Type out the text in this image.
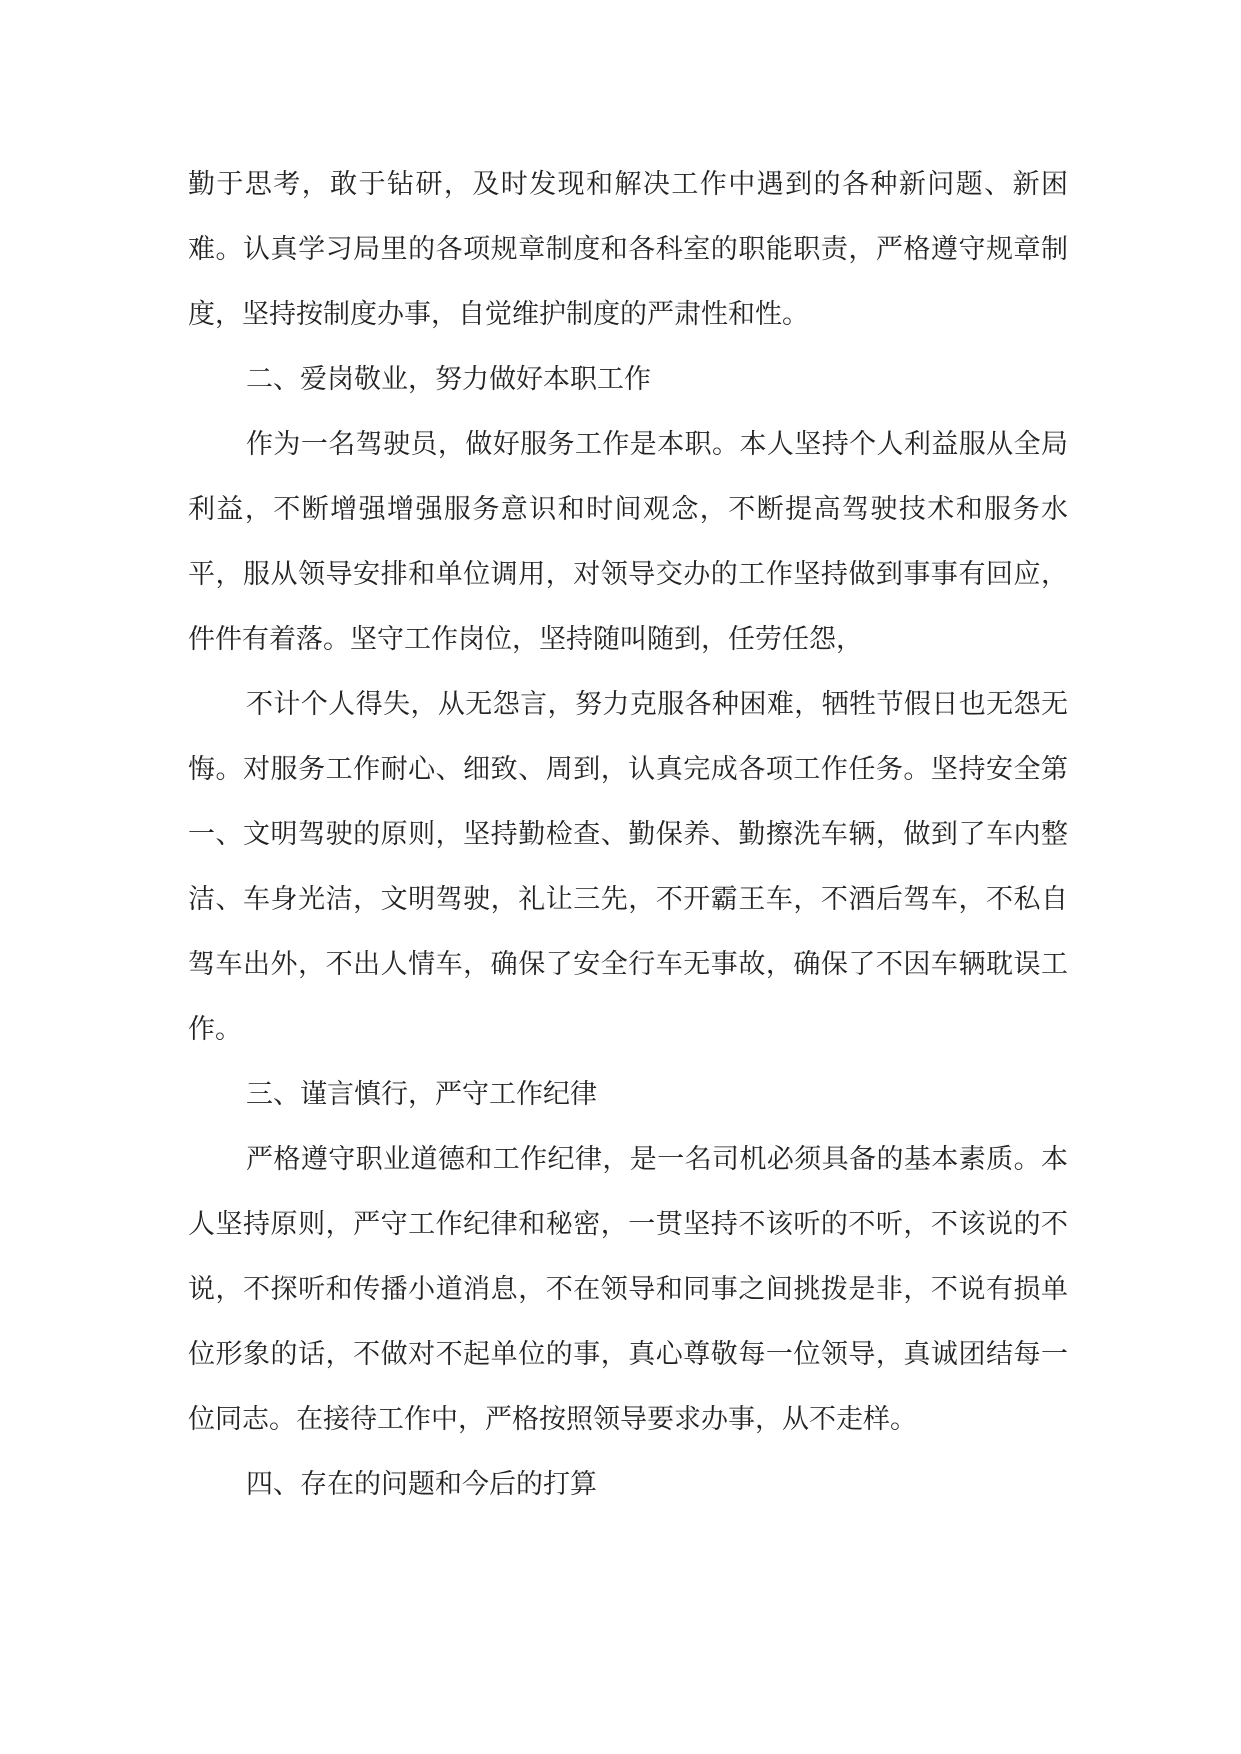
勤于思考，敢于钻研，及时发现和解决工作中遇到的各种新问题、新困难。认真学习局里的各项规章制度和各科室的职能职责，严格遵守规章制度，坚持按制度办事，自觉维护制度的严肃性和性。

二、爱岗敬业，努力做好本职工作

作为一名驾驶员，做好服务工作是本职。本人坚持个人利益服从全局利益，不断增强增强服务意识和时间观念，不断提高驾驶技术和服务水平，服从领导安排和单位调用，对领导交办的工作坚持做到事事有回应，件件有着落。坚守工作岗位，坚持随叫随到，任劳任怨，

不计个人得失，从无怨言，努力克服各种困难，牺牲节假日也无怨无悔。对服务工作耐心、细致、周到，认真完成各项工作任务。坚持安全第一、文明驾驶的原则，坚持勤检查、勤保养、勤擦洗车辆，做到了车内整洁、车身光洁，文明驾驶，礼让三先，不开霸王车，不酒后驾车，不私自驾车出外，不出人情车，确保了安全行车无事故，确保了不因车辆耽误工作。

三、谨言慎行，严守工作纪律

严格遵守职业道德和工作纪律，是一名司机必须具备的基本素质。本人坚持原则，严守工作纪律和秘密，一贯坚持不该听的不听，不该说的不说，不探听和传播小道消息，不在领导和同事之间挑拨是非，不说有损单位形象的话，不做对不起单位的事，真心尊敬每一位领导，真诚团结每一位同志。在接待工作中，严格按照领导要求办事，从不走样。

四、存在的问题和今后的打算
